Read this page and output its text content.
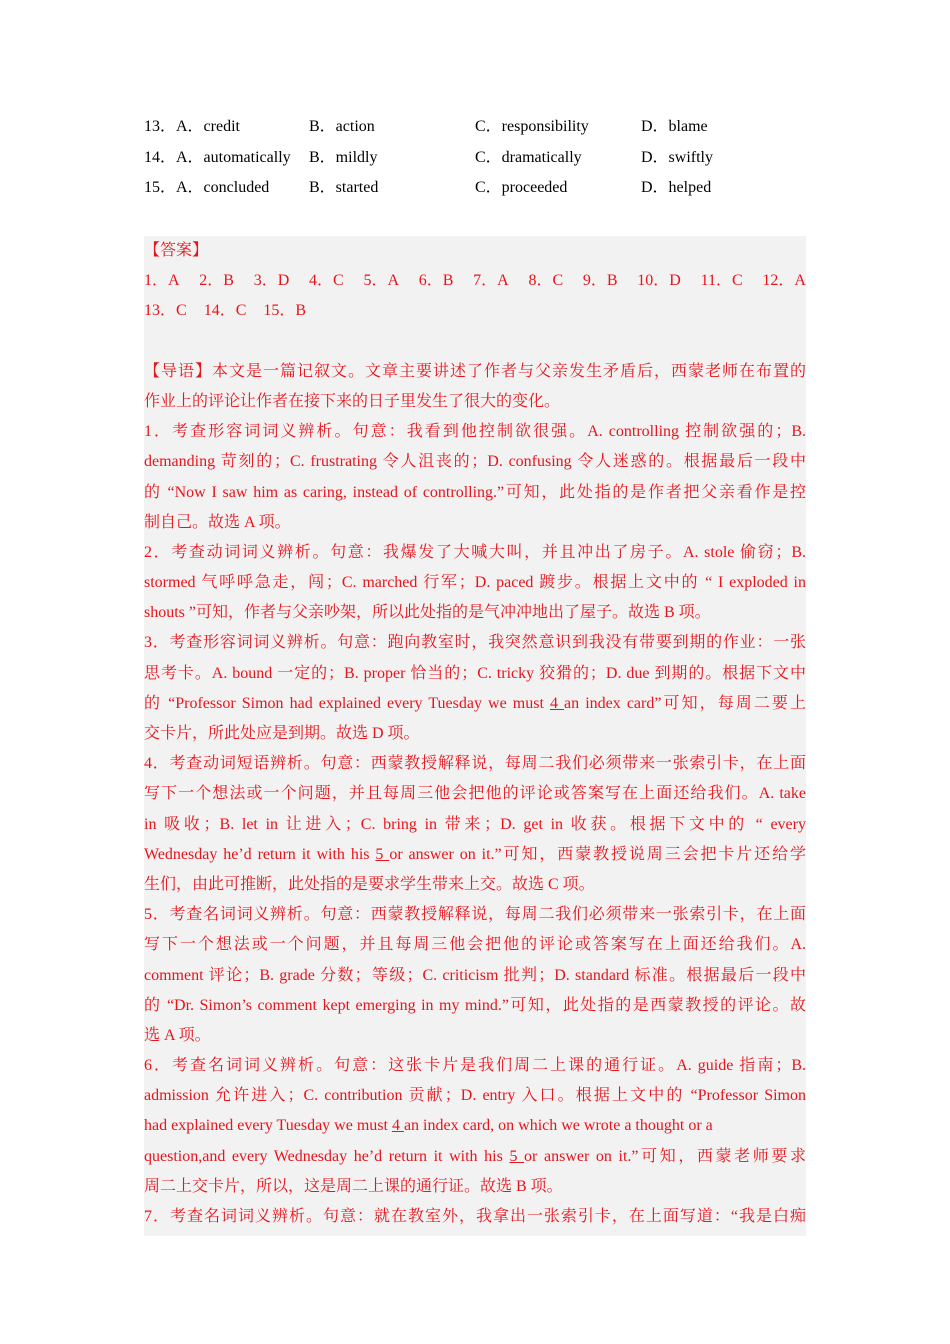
13．A．credit	B．action	C．responsibility	D．blame
14．A．automatically B．mildly	C．dramatically	D．swiftly
15．A．concluded B．started	C．proceeded	D．helped
【答案】
1．A 2．B 3．D 4．C 5．A 6．B 7．A 8．C 9．B 10．D 11．C 12．A
13．C 14．C 15．B
【导语】本文是一篇记叙文。文章主要讲述了作者与父亲发生矛盾后，西蒙老师在布置的
作业上的评论让作者在接下来的日子里发生了很大的变化。
1．考查形容词词义辨析。句意：我看到他控制欲很强。A. controlling 控制欲强的；B.
demanding 苛刻的；C. frustrating 令人沮丧的；D. confusing 令人迷惑的。根据最后一段中
的 “Now I saw him as caring, instead of controlling.”可知，此处指的是作者把父亲看作是控
制自己。故选 A 项。
2．考查动词词义辨析。句意：我爆发了大喊大叫，并且冲出了房子。A. stole 偷窃；B.
stormed 气呼呼急走，闯；C. marched 行军；D. paced 踱步。根据上文中的 “ I exploded in
shouts ”可知，作者与父亲吵架，所以此处指的是气冲冲地出了屋子。故选 B 项。
3．考查形容词词义辨析。句意：跑向教室时，我突然意识到我没有带要到期的作业：一张
思考卡。A. bound 一定的；B. proper 恰当的；C. tricky 狡猾的；D. due 到期的。根据下文中
的 “Professor Simon had explained every Tuesday we must 4 an index card”可知，每周二要上
交卡片，所此处应是到期。故选 D 项。
4．考查动词短语辨析。句意：西蒙教授解释说，每周二我们必须带来一张索引卡，在上面
写下一个想法或一个问题，并且每周三他会把他的评论或答案写在上面还给我们。A. take
in 吸收；B. let in 让进入；C. bring in 带来；D. get in 收获。根据下文中的 “ every
Wednesday he’d return it with his 5 or answer on it.”可知，西蒙教授说周三会把卡片还给学
生们，由此可推断，此处指的是要求学生带来上交。故选 C 项。
5．考查名词词义辨析。句意：西蒙教授解释说，每周二我们必须带来一张索引卡，在上面
写下一个想法或一个问题，并且每周三他会把他的评论或答案写在上面还给我们。A.
comment 评论；B. grade 分数；等级；C. criticism 批判；D. standard 标准。根据最后一段中
的 “Dr. Simon’s comment kept emerging in my mind.”可知，此处指的是西蒙教授的评论。故
选 A 项。
6．考查名词词义辨析。句意：这张卡片是我们周二上课的通行证。A. guide 指南；B.
admission 允许进入；C. contribution 贡献；D. entry 入口。根据上文中的 “Professor Simon
had explained every Tuesday we must 4 an index card, on which we wrote a thought or a
question,and every Wednesday he’d return it with his 5 or answer on it.”可知，西蒙老师要求
周二上交卡片，所以，这是周二上课的通行证。故选 B 项。
7．考查名词词义辨析。句意：就在教室外，我拿出一张索引卡，在上面写道：“我是白痴
